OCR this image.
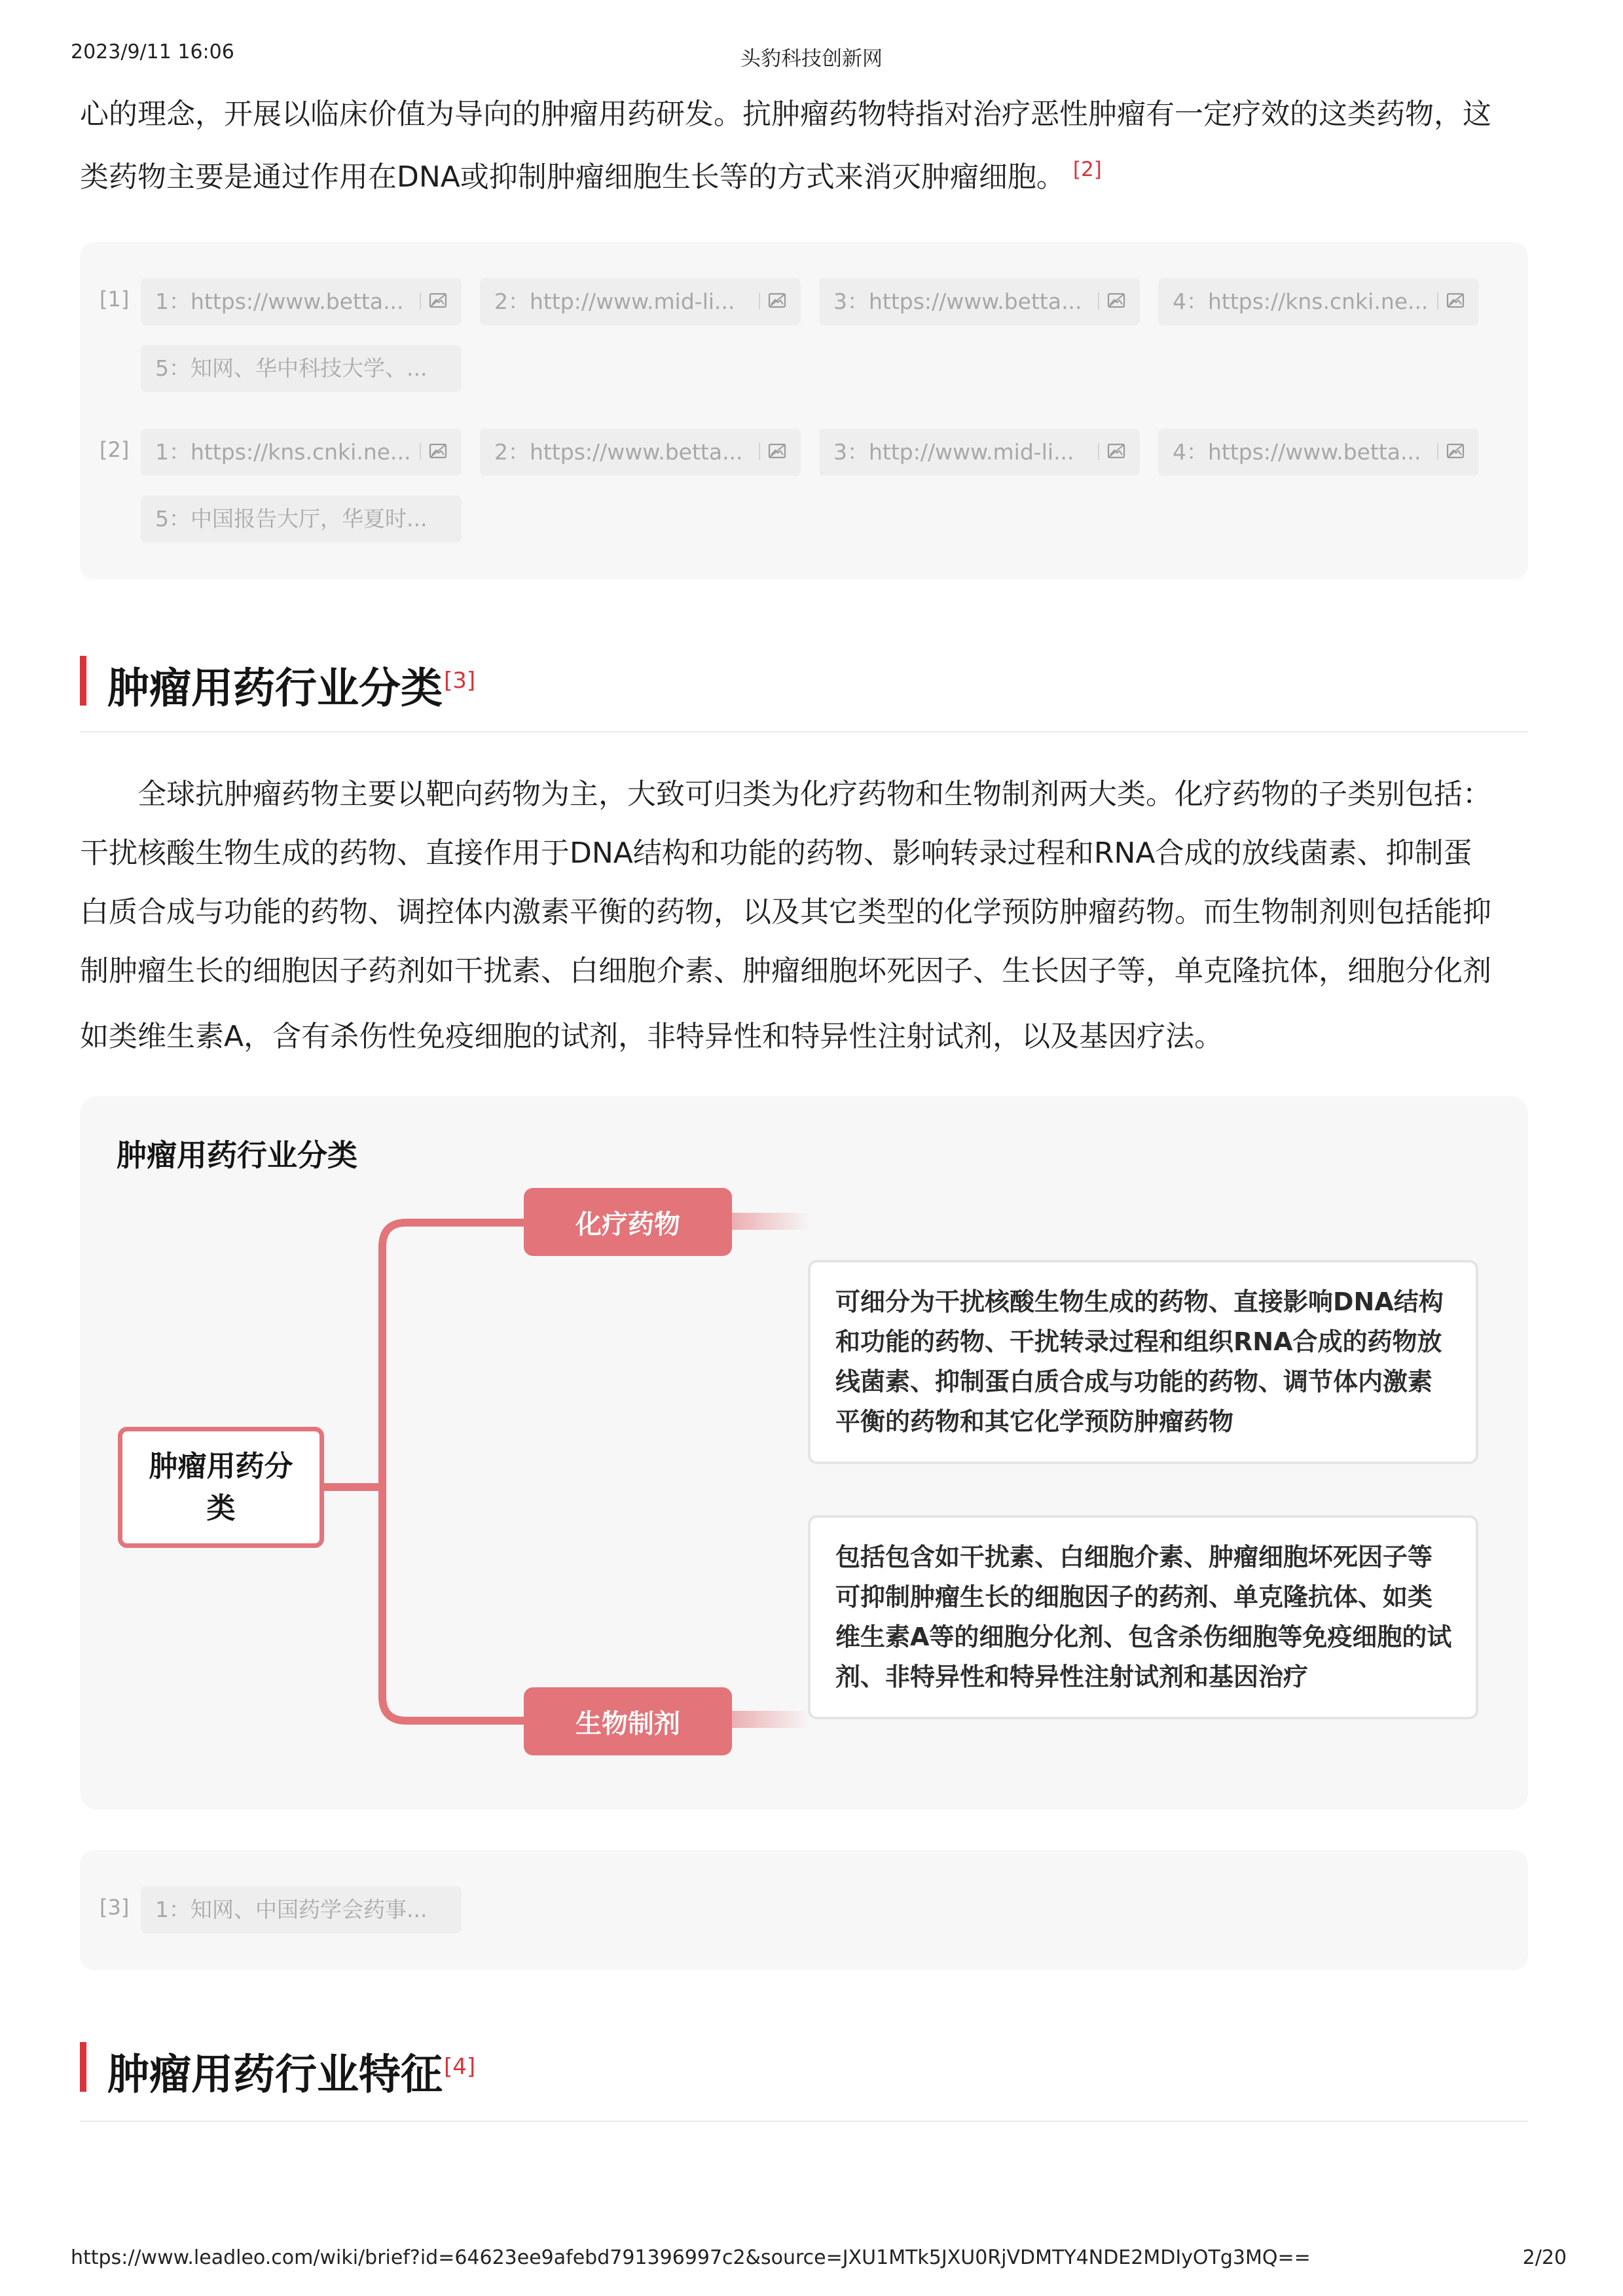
2023/9/11 16:06	头豹科技创新网
心的理念，开展以临床价值为导向的肿瘤用药研发。抗肿瘤药物特指对治疗恶性肿瘤有一定疗效的这类药物，这
类药物主要是通过作用在DNA或抑制肿瘤细胞生长等的方式来消灭肿瘤细胞。 [2]
[1]	1：https://www.betta...	2：http://www.mid-li...	3：https://www.betta...	4：https://kns.cnki.ne...
5：知网、华中科技大学、...
[2]	1：https://kns.cnki.ne...	2：https://www.betta...	3：http://www.mid-li...	4：https://www.betta...
5：中国报告大厅，华夏时...
肿瘤用药行业分类[3]
全球抗肿瘤药物主要以靶向药物为主，大致可归类为化疗药物和生物制剂两大类。化疗药物的子类别包括：
干扰核酸生物生成的药物、直接作用于DNA结构和功能的药物、影响转录过程和RNA合成的放线菌素、抑制蛋
白质合成与功能的药物、调控体内激素平衡的药物，以及其它类型的化学预防肿瘤药物。而生物制剂则包括能抑
制肿瘤生长的细胞因子药剂如干扰素、白细胞介素、肿瘤细胞坏死因子、生长因子等，单克隆抗体，细胞分化剂
如类维生素A，含有杀伤性免疫细胞的试剂，非特异性和特异性注射试剂，以及基因疗法。
肿瘤用药行业分类
肿瘤用药分类
化疗药物
生物制剂
可细分为干扰核酸生物生成的药物、直接影响DNA结构和功能的药物、干扰转录过程和组织RNA合成的药物放线菌素、抑制蛋白质合成与功能的药物、调节体内激素平衡的药物和其它化学预防肿瘤药物
包括包含如干扰素、白细胞介素、肿瘤细胞坏死因子等可抑制肿瘤生长的细胞因子的药剂、单克隆抗体、如类维生素A等的细胞分化剂、包含杀伤细胞等免疫细胞的试剂、非特异性和特异性注射试剂和基因治疗
[3]	1：知网、中国药学会药事...
肿瘤用药行业特征[4]
https://www.leadleo.com/wiki/brief?id=64623ee9afebd791396997c2&source=JXU1MTk5JXU0RjVDMTY4NDE2MDIyOTg3MQ==	2/20
